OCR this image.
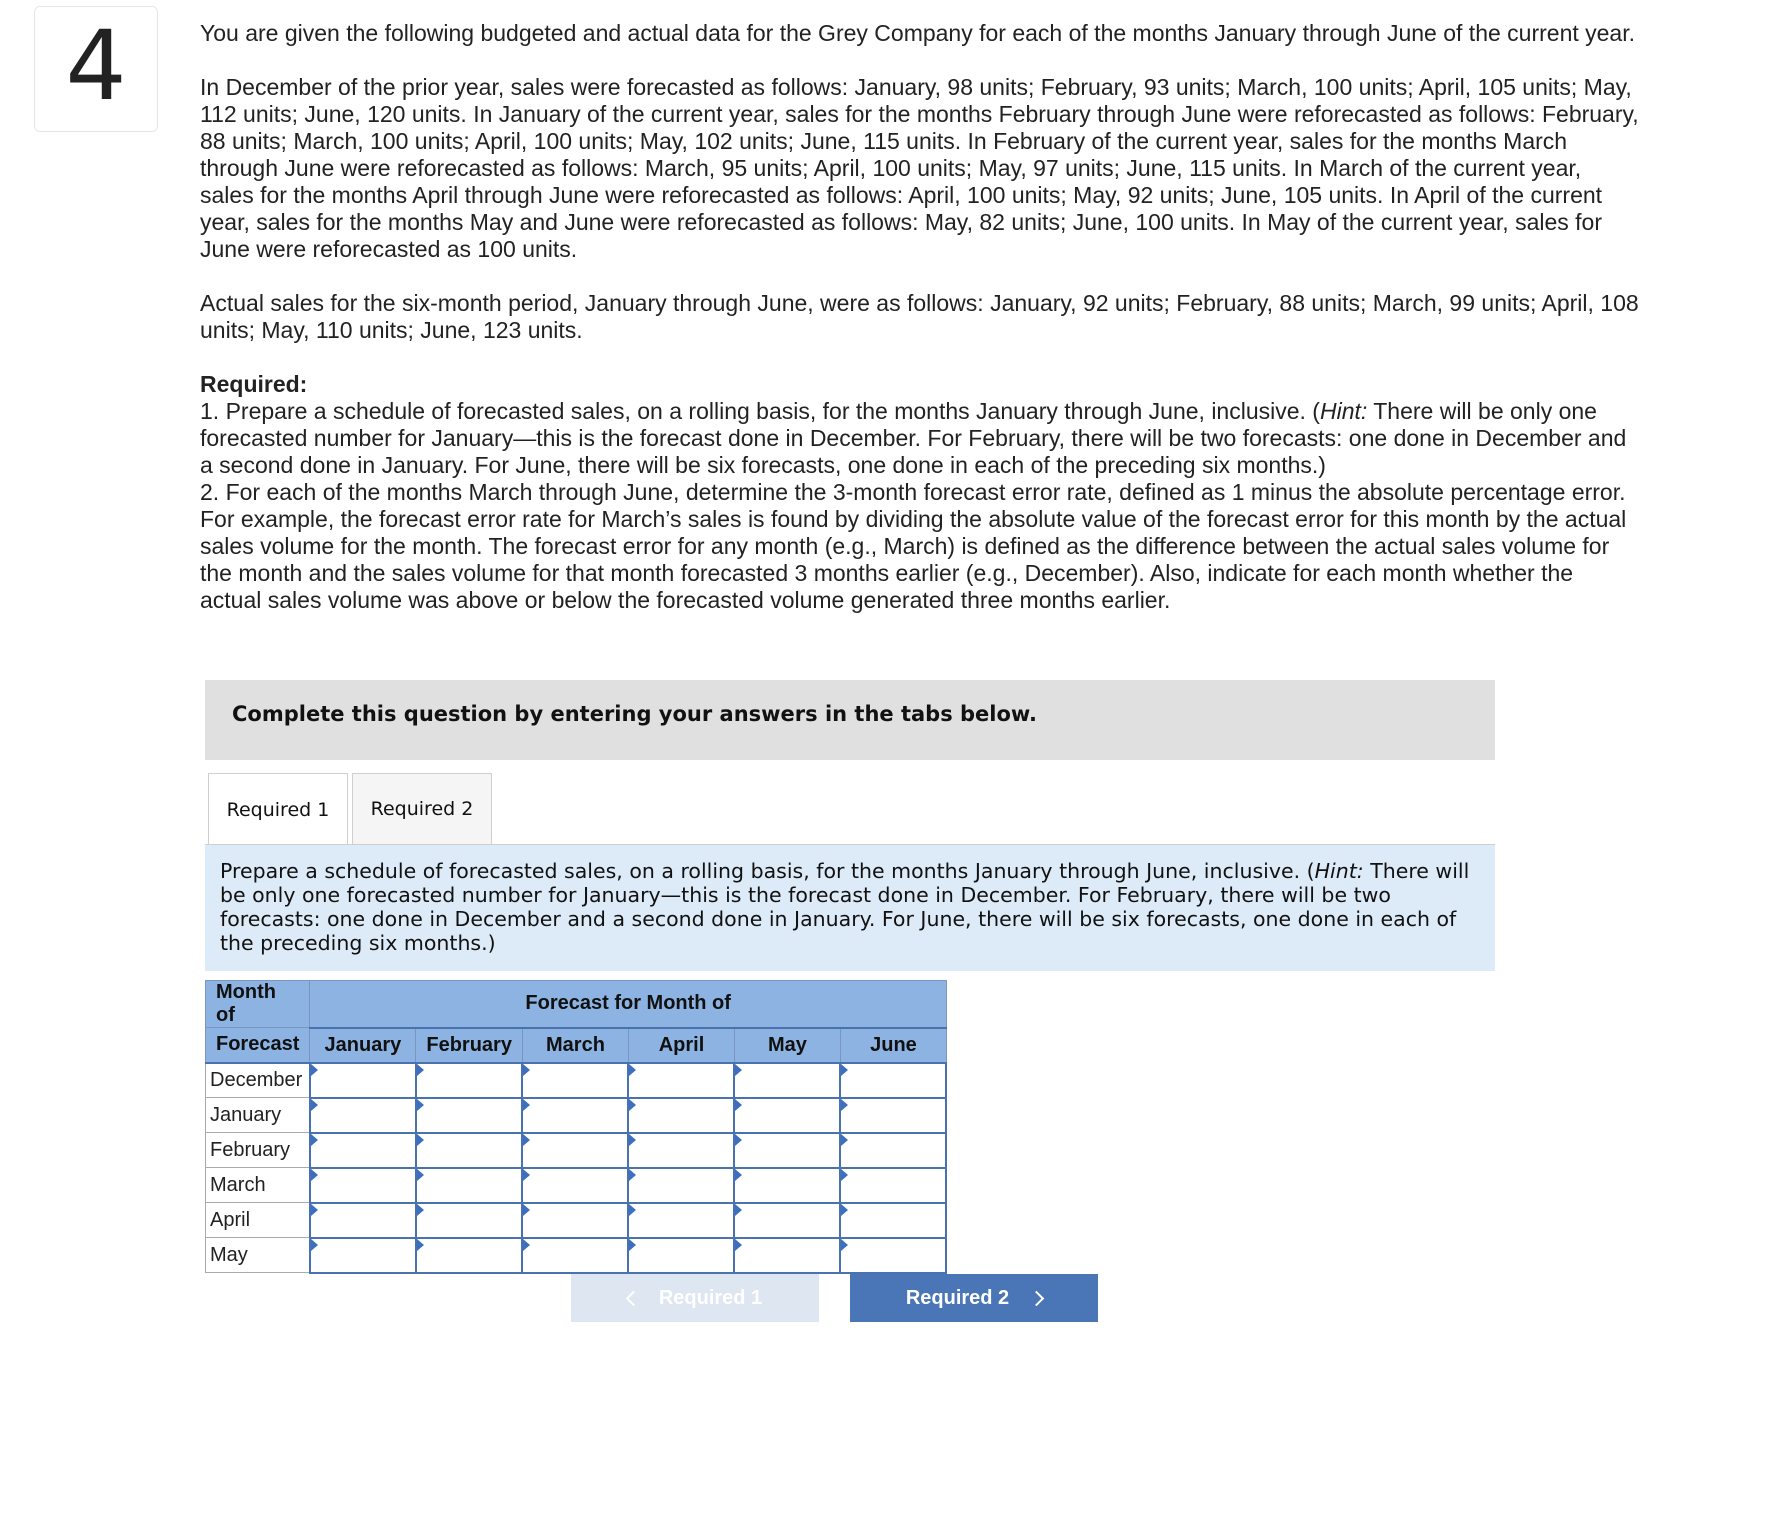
4	You are given the following budgeted and actual data for the Grey Company for each of the months January through June of the current year.

In December of the prior year, sales were forecasted as follows: January, 98 units; February, 93 units; March, 100 units; April, 105 units; May, 112 units; June, 120 units. In January of the current year, sales for the months February through June were reforecasted as follows: February, 88 units; March, 100 units; April, 100 units; May, 102 units; June, 115 units. In February of the current year, sales for the months March through June were reforecasted as follows: March, 95 units; April, 100 units; May, 97 units; June, 115 units. In March of the current year, sales for the months April through June were reforecasted as follows: April, 100 units; May, 92 units; June, 105 units. In April of the current year, sales for the months May and June were reforecasted as follows: May, 82 units; June, 100 units. In May of the current year, sales for June were reforecasted as 100 units.

Actual sales for the six-month period, January through June, were as follows: January, 92 units; February, 88 units; March, 99 units; April, 108 units; May, 110 units; June, 123 units.

Required:
1. Prepare a schedule of forecasted sales, on a rolling basis, for the months January through June, inclusive. (Hint: There will be only one forecasted number for January—this is the forecast done in December. For February, there will be two forecasts: one done in December and a second done in January. For June, there will be six forecasts, one done in each of the preceding six months.)
2. For each of the months March through June, determine the 3-month forecast error rate, defined as 1 minus the absolute percentage error. For example, the forecast error rate for March’s sales is found by dividing the absolute value of the forecast error for this month by the actual sales volume for the month. The forecast error for any month (e.g., March) is defined as the difference between the actual sales volume for the month and the sales volume for that month forecasted 3 months earlier (e.g., December). Also, indicate for each month whether the actual sales volume was above or below the forecasted volume generated three months earlier.
Complete this question by entering your answers in the tabs below.
Required 1	Required 2
Prepare a schedule of forecasted sales, on a rolling basis, for the months January through June, inclusive. (Hint: There will be only one forecasted number for January—this is the forecast done in December. For February, there will be two forecasts: one done in December and a second done in January. For June, there will be six forecasts, one done in each of the preceding six months.)
Month of	Forecast for Month of					
Forecast	January	February	March	April	May	June
December	

January	

February	

March	

April	

May	

Required 1	Required 2
